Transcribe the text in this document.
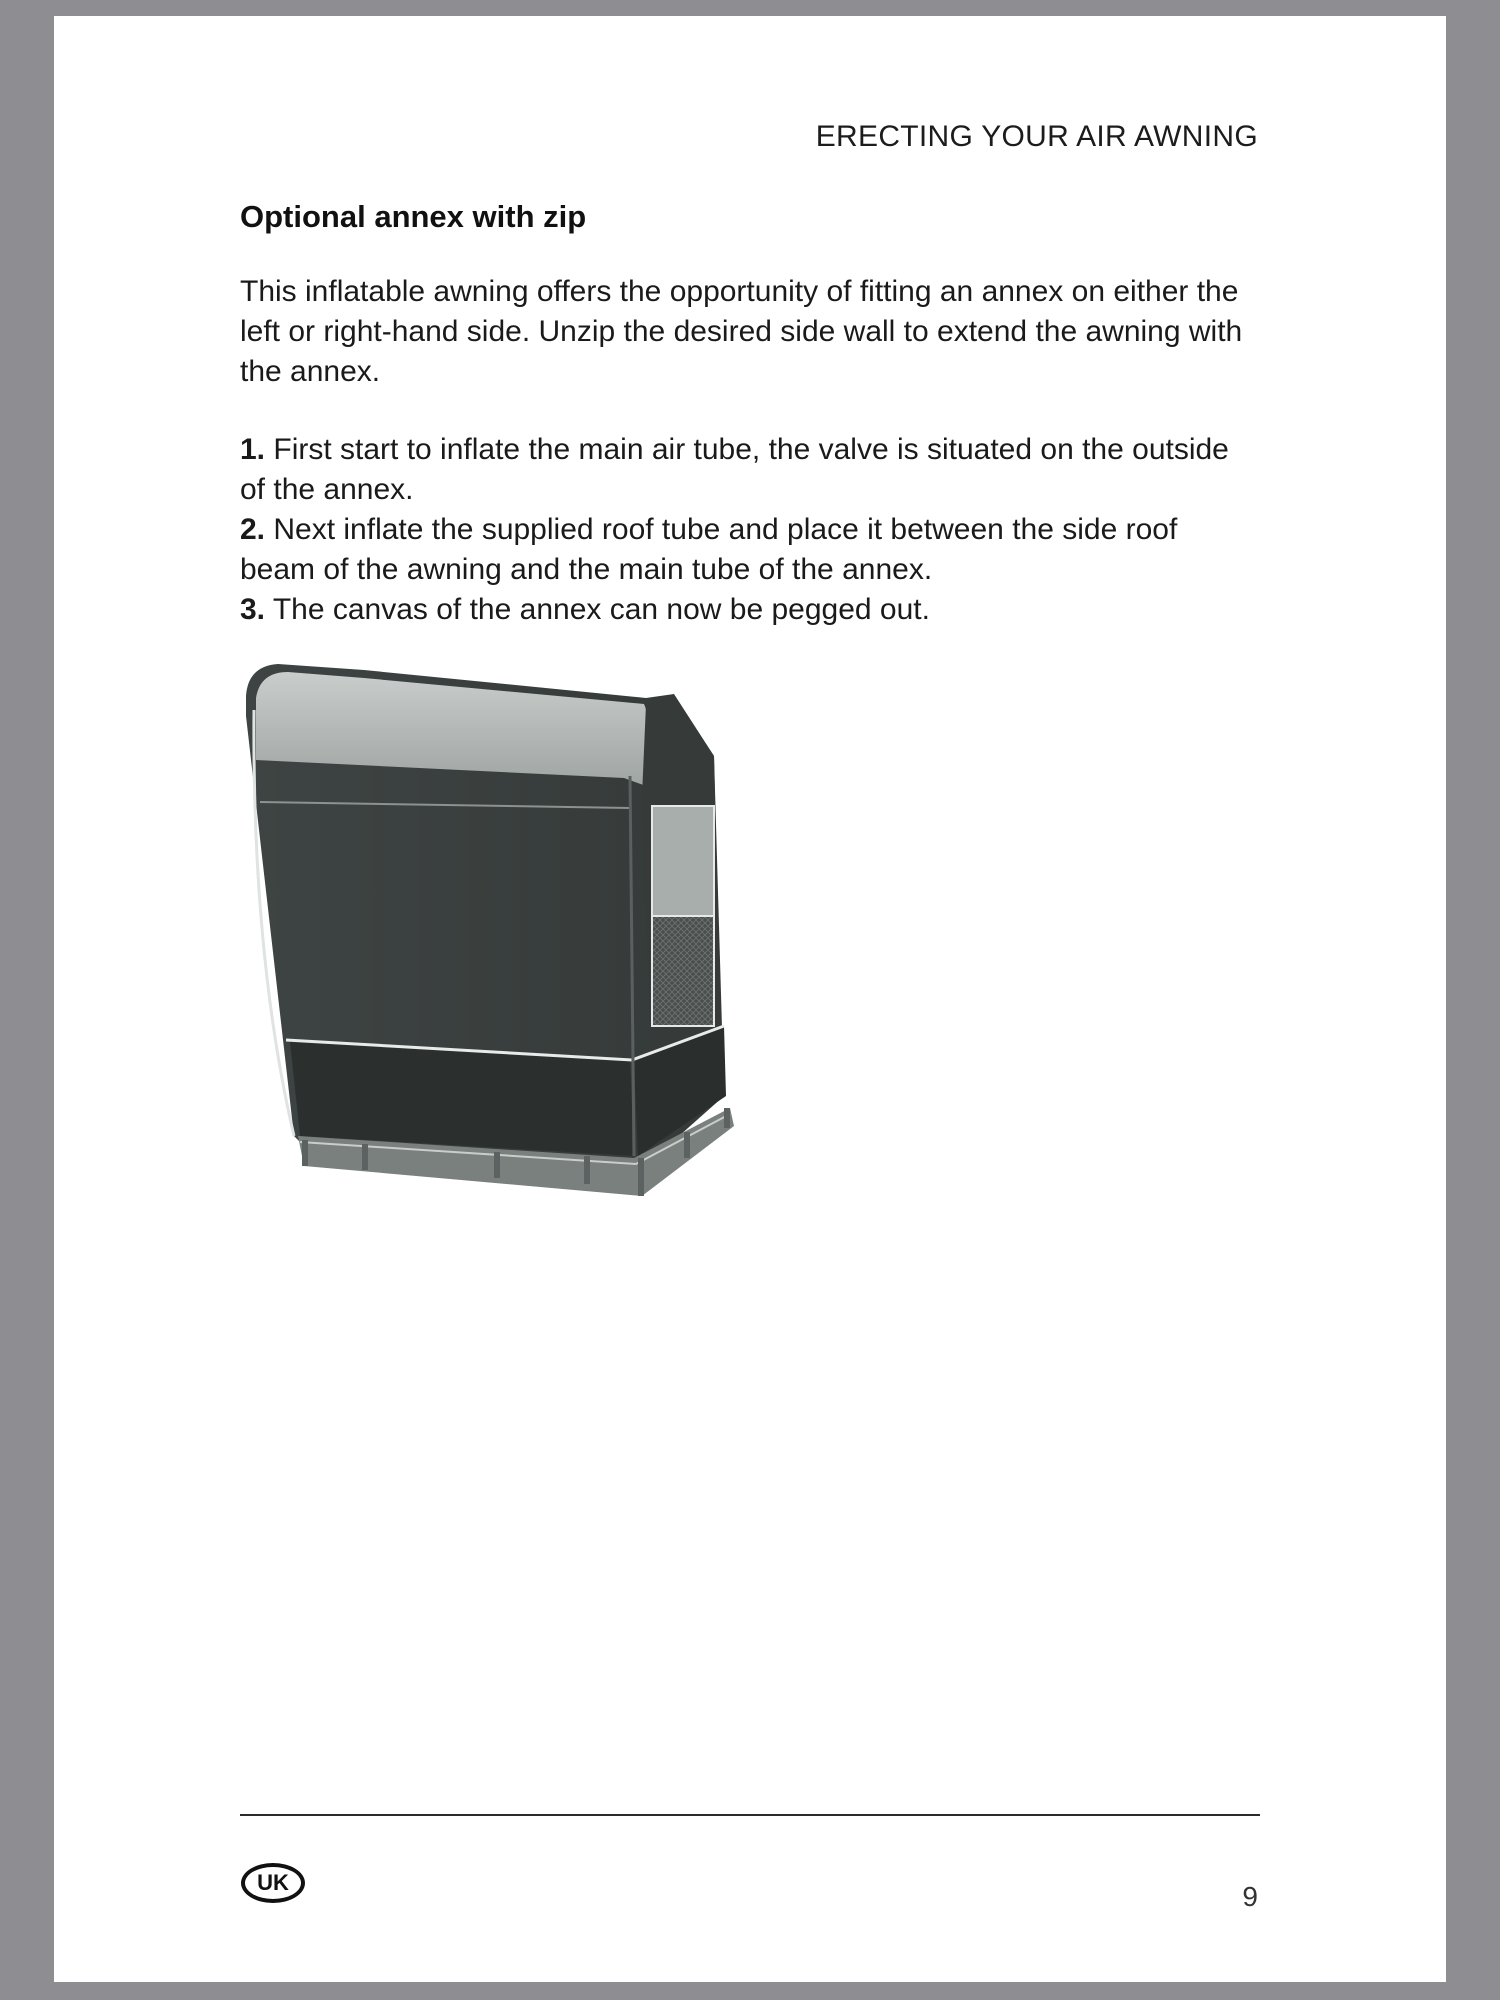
ERECTING YOUR AIR AWNING
Optional annex with zip

This inflatable awning offers the opportunity of fitting an annex on either the left or right-hand side. Unzip the desired side wall to extend the awning with the annex.

1. First start to inflate the main air tube, the valve is situated on the outside of the annex.
2. Next inflate the supplied roof tube and place it between the side roof beam of the awning and the main tube of the annex.
3. The canvas of the annex can now be pegged out.
UK	9
